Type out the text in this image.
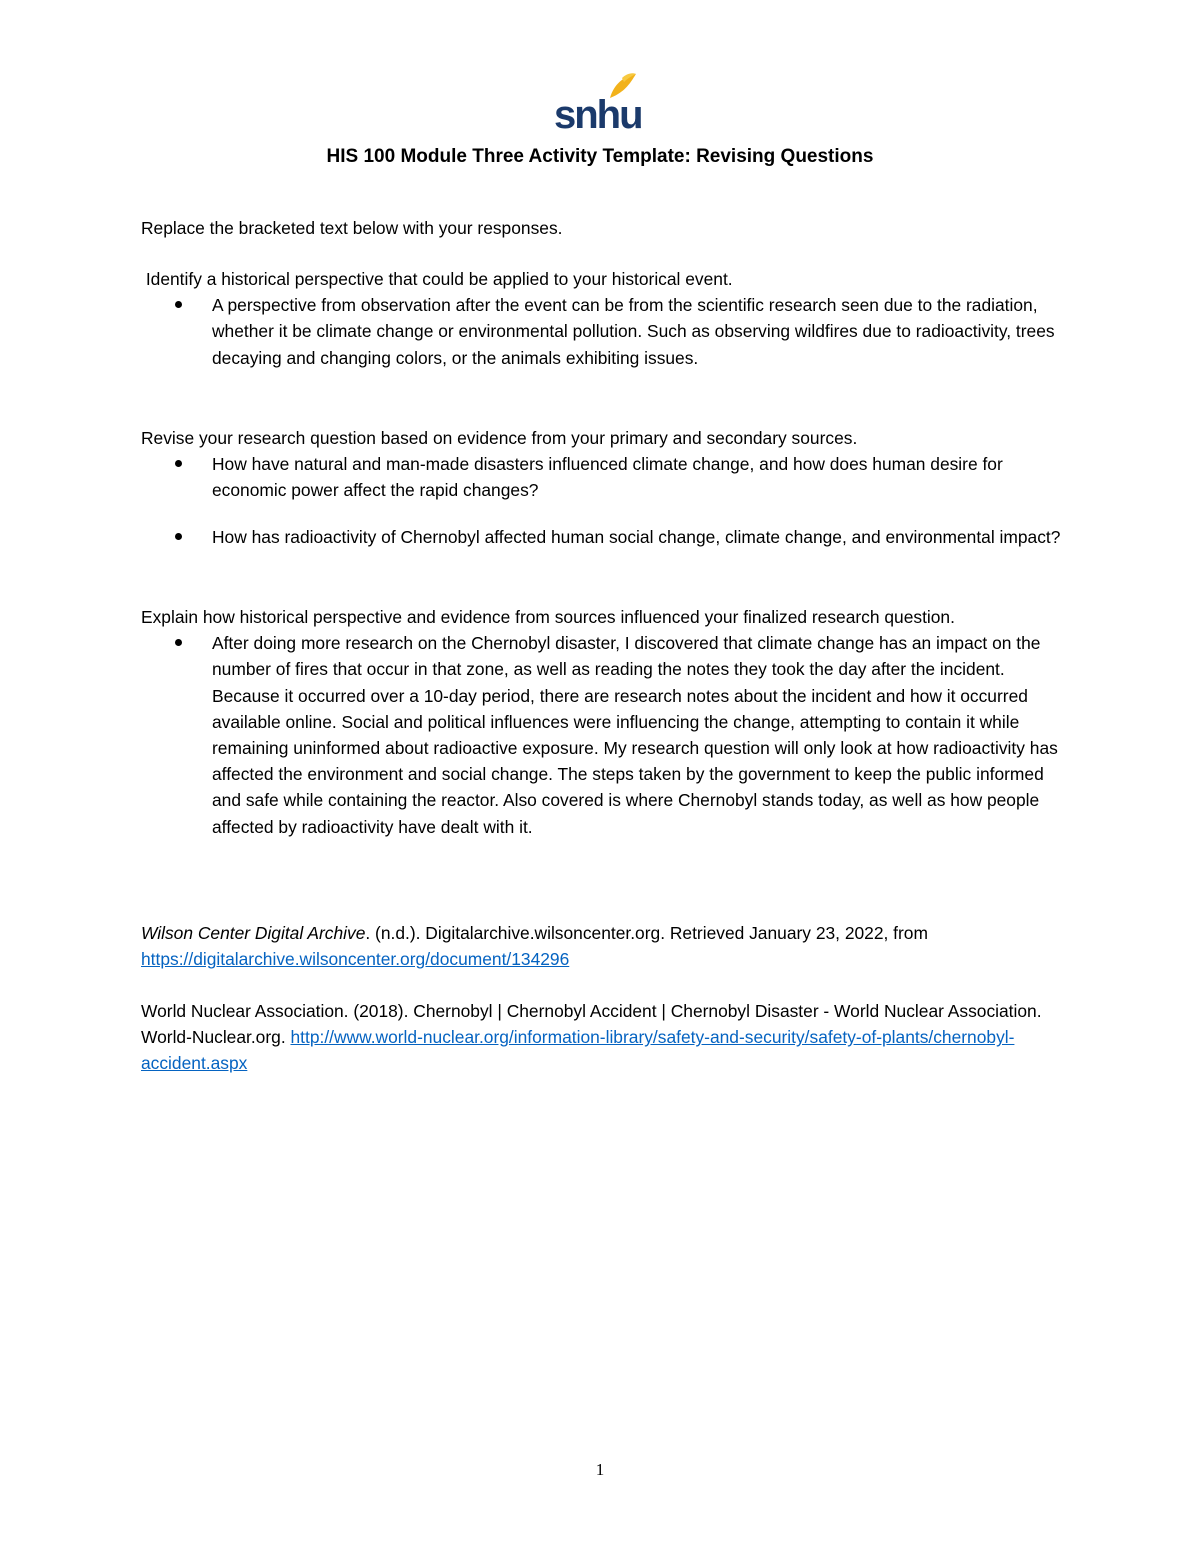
snhu
HIS 100 Module Three Activity Template: Revising Questions

Replace the bracketed text below with your responses.

Identify a historical perspective that could be applied to your historical event.

A perspective from observation after the event can be from the scientific research seen due to the radiation, whether it be climate change or environmental pollution. Such as observing wildfires due to radioactivity, trees decaying and changing colors, or the animals exhibiting issues.

Revise your research question based on evidence from your primary and secondary sources.

How have natural and man-made disasters influenced climate change, and how does human desire for economic power affect the rapid changes?
How has radioactivity of Chernobyl affected human social change, climate change, and environmental impact?

Explain how historical perspective and evidence from sources influenced your finalized research question.

After doing more research on the Chernobyl disaster, I discovered that climate change has an impact on the number of fires that occur in that zone, as well as reading the notes they took the day after the incident. Because it occurred over a 10-day period, there are research notes about the incident and how it occurred available online. Social and political influences were influencing the change, attempting to contain it while remaining uninformed about radioactive exposure. My research question will only look at how radioactivity has affected the environment and social change. The steps taken by the government to keep the public informed and safe while containing the reactor. Also covered is where Chernobyl stands today, as well as how people affected by radioactivity have dealt with it.

Wilson Center Digital Archive. (n.d.). Digitalarchive.wilsoncenter.org. Retrieved January 23, 2022, from https://digitalarchive.wilsoncenter.org/document/134296

World Nuclear Association. (2018). Chernobyl | Chernobyl Accident | Chernobyl Disaster - World Nuclear Association. World-Nuclear.org. http://www.world-nuclear.org/information-library/safety-and-security/safety-of-plants/chernobyl-accident.aspx

1
